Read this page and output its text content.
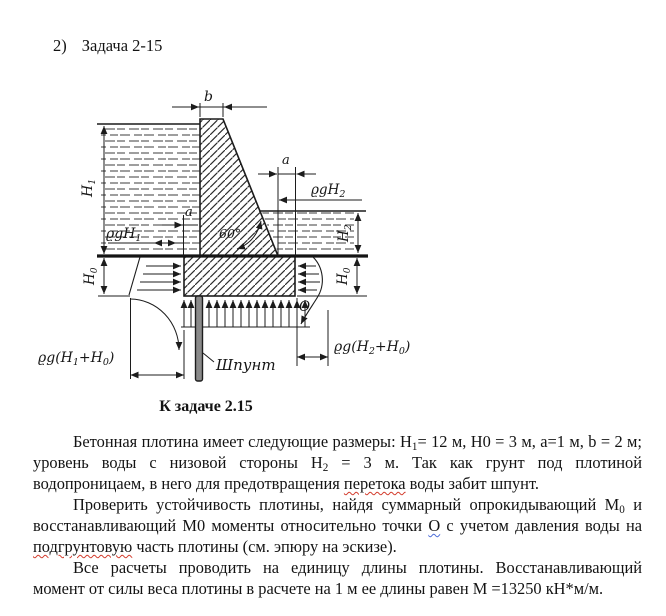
2) Задача 2-15
b
$H_1$
ϱgH$_1$
a
60°
a
ϱgH$_2$
$H_2$
$H_0$
$H_0$
Шпунт
O
$ϱg(H_1+H_0)$
$ϱg(H_2+H_0)$
К задаче 2.15

Бетонная плотина имеет следующие размеры: $Н_1= 12$ м, Н0 = 3 м, а=1 м, b = 2 м; уровень воды с низовой стороны $Н_2 = 3$ м. Так как грунт под плотиной водопроницаем, в него для предотвращения перетока воды забит шпунт.

Проверить устойчивость плотины, найдя суммарный опрокидывающий $М_0$ и восстанавливающий М0 моменты относительно точки О с учетом давления воды на подгрунтовую часть плотины (см. эпюру на эскизе).

Все расчеты проводить на единицу длины плотины. Восстанавливающий момент от силы веса плотины в расчете на 1 м ее длины равен М =13250 кН*м/м.
